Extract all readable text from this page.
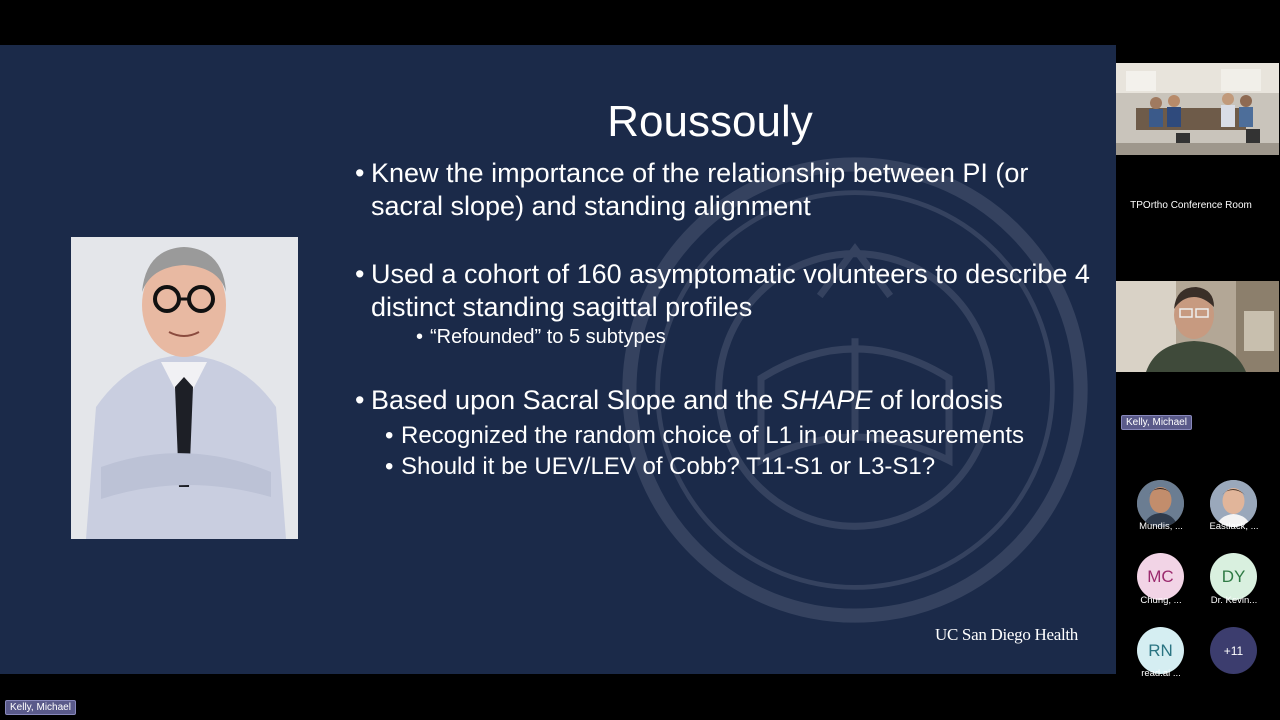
Roussouly
• Knew the importance of the relationship between PI (or sacral slope) and standing alignment
• Used a cohort of 160 asymptomatic volunteers to describe 4 distinct standing sagittal profiles
• “Refounded” to 5 subtypes
• Based upon Sacral Slope and the SHAPE of lordosis
• Recognized the random choice of L1 in our measurements
• Should it be UEV/LEV of Cobb? T11-S1 or L3-S1?
UC San Diego Health
Kelly, Michael
TPOrtho Conference Room
Kelly, Michael
Mundis, ...	Eastlack, ...
MC
Chung, ...
DY
Dr. Kevin...
RN
read.ai ...
+11
